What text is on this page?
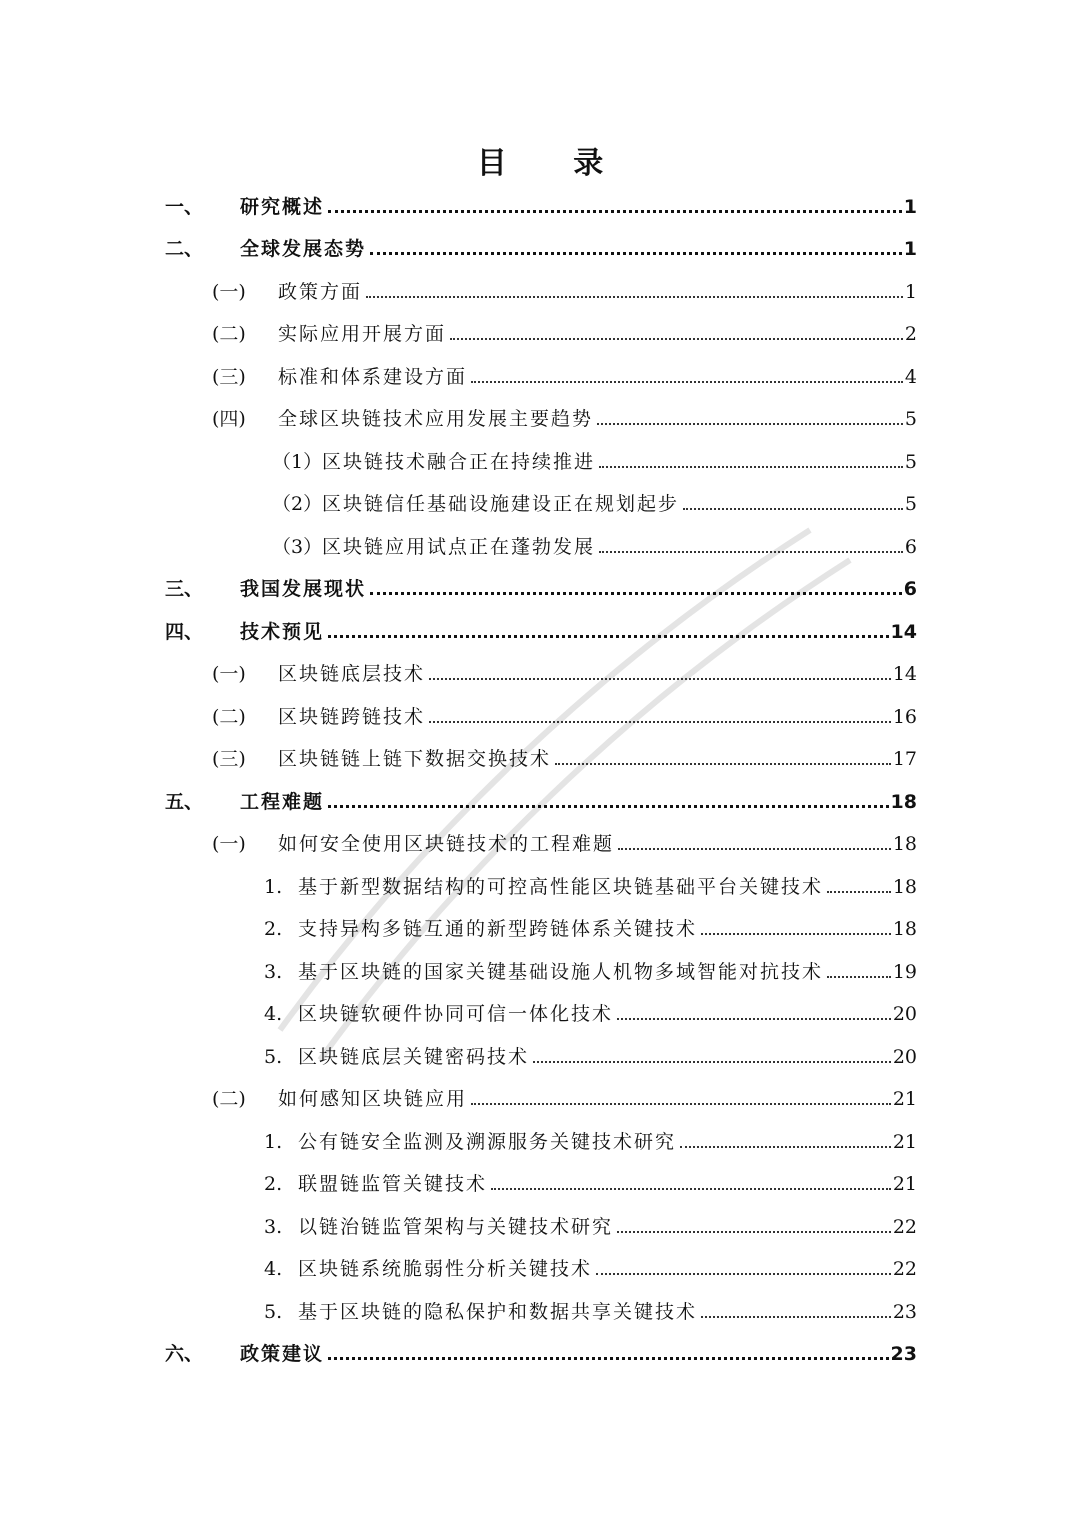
目 录
一、 研究概述	1
二、 全球发展态势	1
(一) 政策方面	1
(二) 实际应用开展方面	2
(三) 标准和体系建设方面	4
(四) 全球区块链技术应用发展主要趋势	5
（1） 区块链技术融合正在持续推进	5
（2） 区块链信任基础设施建设正在规划起步	5
（3） 区块链应用试点正在蓬勃发展	6
三、 我国发展现状	6
四、 技术预见	14
(一) 区块链底层技术	14
(二) 区块链跨链技术	16
(三) 区块链链上链下数据交换技术	17
五、 工程难题	18
(一) 如何安全使用区块链技术的工程难题	18
1. 基于新型数据结构的可控高性能区块链基础平台关键技术	18
2. 支持异构多链互通的新型跨链体系关键技术	18
3. 基于区块链的国家关键基础设施人机物多域智能对抗技术	19
4. 区块链软硬件协同可信一体化技术	20
5. 区块链底层关键密码技术	20
(二) 如何感知区块链应用	21
1. 公有链安全监测及溯源服务关键技术研究	21
2. 联盟链监管关键技术	21
3. 以链治链监管架构与关键技术研究	22
4. 区块链系统脆弱性分析关键技术	22
5. 基于区块链的隐私保护和数据共享关键技术	23
六、 政策建议	23
